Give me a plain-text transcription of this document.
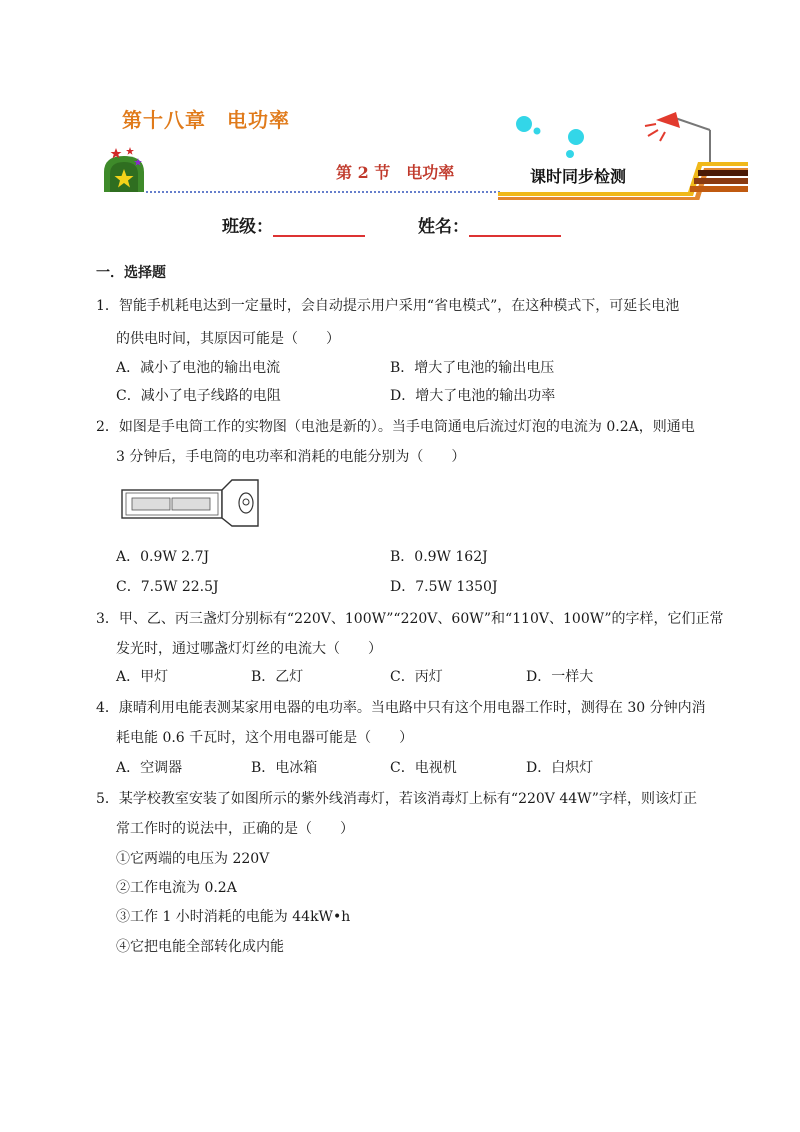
第十八章　电功率
第 2 节　电功率	课时同步检测
班级：	姓名：
一．选择题
1．智能手机耗电达到一定量时，会自动提示用户采用“省电模式”，在这种模式下，可延长电池
的供电时间，其原因可能是（　　）
A．减小了电池的输出电流	B．增大了电池的输出电压
C．减小了电子线路的电阻	D．增大了电池的输出功率
2．如图是手电筒工作的实物图（电池是新的）。当手电筒通电后流过灯泡的电流为 0.2A，则通电
3 分钟后，手电筒的电功率和消耗的电能分别为（　　）
A．0.9W 2.7J	B．0.9W 162J
C．7.5W 22.5J	D．7.5W 1350J
3．甲、乙、丙三盏灯分别标有“220V、100W”“220V、60W”和“110V、100W”的字样，它们正常
发光时，通过哪盏灯灯丝的电流大（　　）
A．甲灯	B．乙灯	C．丙灯	D．一样大
4．康晴利用电能表测某家用电器的电功率。当电路中只有这个用电器工作时，测得在 30 分钟内消
耗电能 0.6 千瓦时，这个用电器可能是（　　）
A．空调器	B．电冰箱	C．电视机	D．白炽灯
5．某学校教室安装了如图所示的紫外线消毒灯，若该消毒灯上标有“220V 44W”字样，则该灯正
常工作时的说法中，正确的是（　　）
①它两端的电压为 220V
②工作电流为 0.2A
③工作 1 小时消耗的电能为 44kW•h
④它把电能全部转化成内能
